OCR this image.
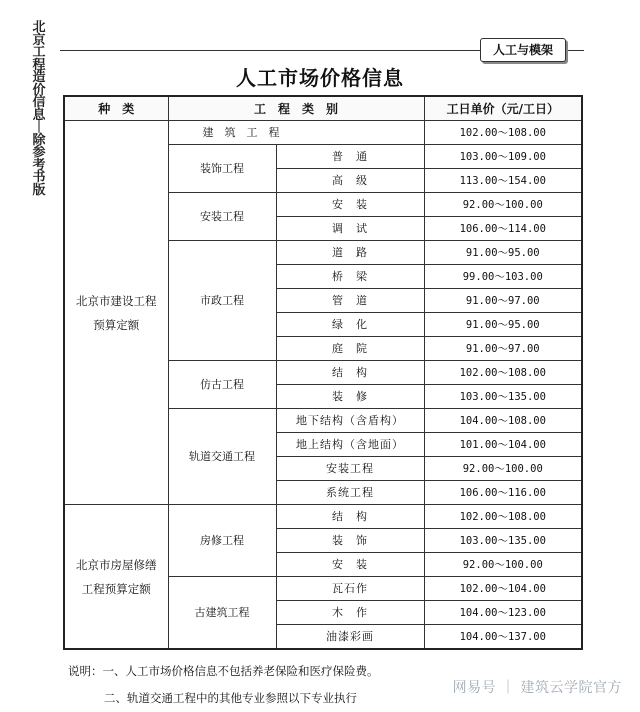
北京工程造价信息｜除参考书版
人工与模架
人工市场价格信息
种　类	工　程　类　别		工日单价（元/工日）
北京市建设工程预算定额	建　筑　工　程		102.00～108.00
	装饰工程	普　通	103.00～109.00
		高　级	113.00～154.00
	安装工程	安　装	92.00～100.00
		调　试	106.00～114.00
	市政工程	道　路	91.00～95.00
		桥　梁	99.00～103.00
		管　道	91.00～97.00
		绿　化	91.00～95.00
		庭　院	91.00～97.00
	仿古工程	结　构	102.00～108.00
		装　修	103.00～135.00
	轨道交通工程	地下结构（含盾构）	104.00～108.00
		地上结构（含地面）	101.00～104.00
		安装工程	92.00～100.00
		系统工程	106.00～116.00
北京市房屋修缮工程预算定额	房修工程	结　构	102.00～108.00
		装　饰	103.00～135.00
		安　装	92.00～100.00
	古建筑工程	瓦石作	102.00～104.00
		木　作	104.00～123.00
		油漆彩画	104.00～137.00
说明：一、人工市场价格信息不包括养老保险和医疗保险费。
二、轨道交通工程中的其他专业参照以下专业执行
网易号 ｜ 建筑云学院官方
